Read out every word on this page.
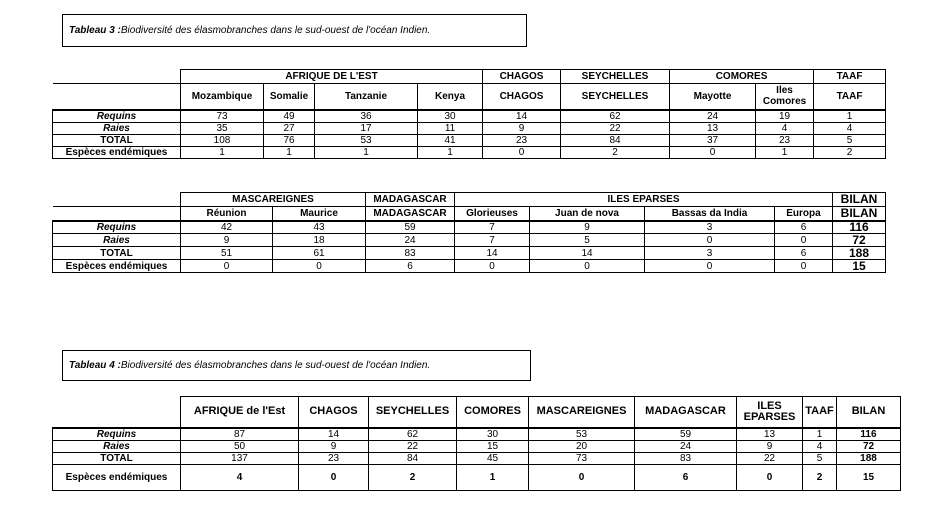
Tableau 3 : Biodiversité des élasmobranches dans le sud-ouest de l'océan Indien.
	AFRIQUE DE L'EST				CHAGOS	SEYCHELLES	COMORES		TAAF
	Mozambique	Somalie	Tanzanie	Kenya	CHAGOS	SEYCHELLES	Mayotte	Iles Comores	TAAF
Requins	73	49	36	30	14	62	24	19	1
Raies	35	27	17	11	9	22	13	4	4
TOTAL	108	76	53	41	23	84	37	23	5
Espèces endémiques	1	1	1	1	0	2	0	1	2
	MASCAREIGNES		MADAGASCAR	ILES EPARSES				BILAN
	Réunion	Maurice	MADAGASCAR	Glorieuses	Juan de nova	Bassas da India	Europa	BILAN
Requins	42	43	59	7	9	3	6	116
Raies	9	18	24	7	5	0	0	72
TOTAL	51	61	83	14	14	3	6	188
Espèces endémiques	0	0	6	0	0	0	0	15
Tableau 4 : Biodiversité des élasmobranches dans le sud-ouest de l'océan Indien.
	AFRIQUE de l'Est	CHAGOS	SEYCHELLES	COMORES	MASCAREIGNES	MADAGASCAR	ILES EPARSES	TAAF	BILAN
Requins	87	14	62	30	53	59	13	1	116
Raies	50	9	22	15	20	24	9	4	72
TOTAL	137	23	84	45	73	83	22	5	188
Espèces endémiques	4	0	2	1	0	6	0	2	15
